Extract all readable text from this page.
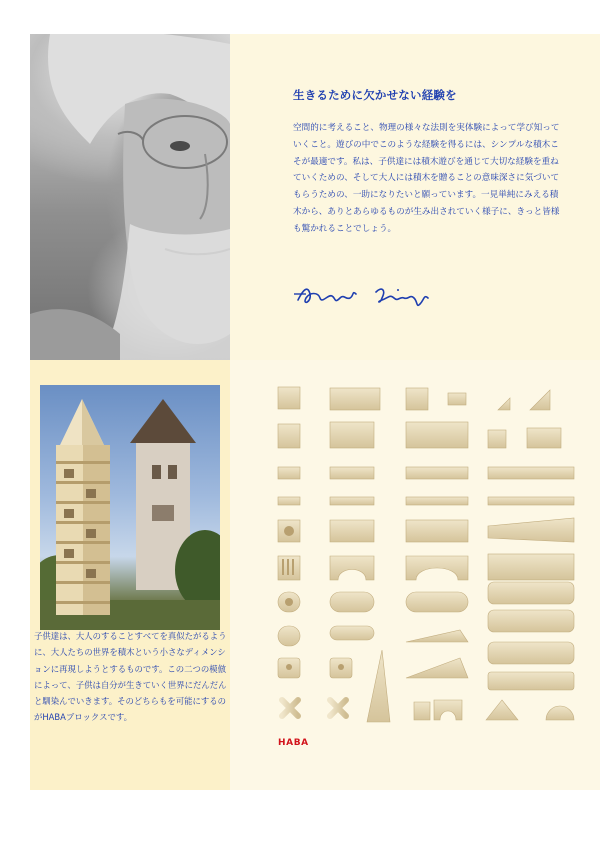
生きるために欠かせない経験を

空間的に考えること、物理の様々な法則を実体験によって学び知っていくこと。遊びの中でこのような経験を得るには、シンプルな積木こそが最適です。私は、子供達には積木遊びを通じて大切な経験を重ねていくための、そして大人には積木を贈ることの意味深さに気づいてもらうための、一助になりたいと願っています。一見単純にみえる積木から、ありとあらゆるものが生み出されていく様子に、きっと皆様も驚かれることでしょう。

子供達は、大人のすることすべてを真似たがるように、大人たちの世界を積木という小さなディメンションに再現しようとするものです。この二つの模倣によって、子供は自分が生きていく世界にだんだんと馴染んでいきます。そのどちらもを可能にするのがHABAブロックスです。

HABA
